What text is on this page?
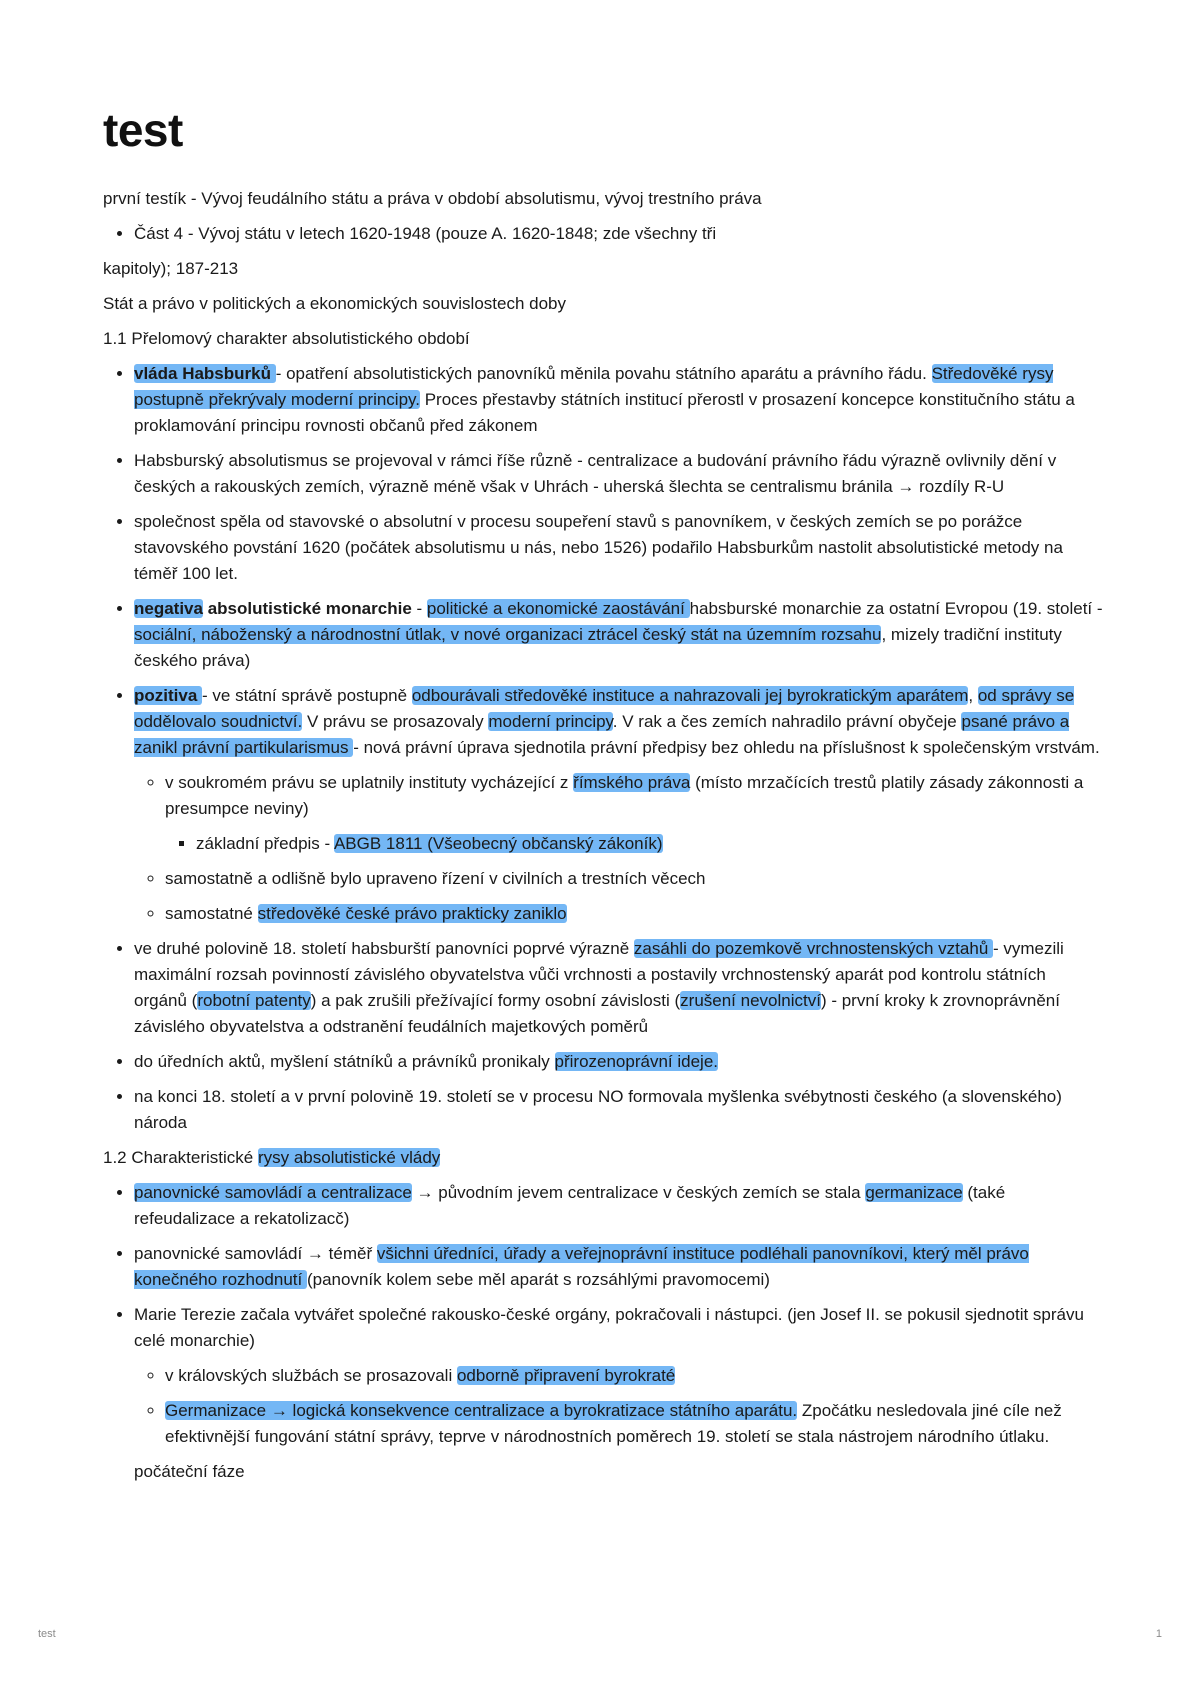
test

první testík - Vývoj feudálního státu a práva v období absolutismu, vývoj trestního práva

• Část 4 - Vývoj státu v letech 1620-1948 (pouze A. 1620-1848; zde všechny tři

kapitoly); 187-213

Stát a právo v politických a ekonomických souvislostech doby

1.1 Přelomový charakter absolutistického období

• vláda Habsburků - opatření absolutistických panovníků měnila povahu státního aparátu a právního řádu. Středověké rysy postupně překrývaly moderní principy. Proces přestavby státních institucí přerostl v prosazení koncepce konstitučního státu a proklamování principu rovnosti občanů před zákonem
• Habsburský absolutismus se projevoval v rámci říše různě - centralizace a budování právního řádu výrazně ovlivnily dění v českých a rakouských zemích, výrazně méně však v Uhrách - uherská šlechta se centralismu bránila → rozdíly R-U
• společnost spěla od stavovské o absolutní v procesu soupeření stavů s panovníkem, v českých zemích se po porážce stavovského povstání 1620 (počátek absolutismu u nás, nebo 1526) podařilo Habsburkům nastolit absolutistické metody na téměř 100 let.
• negativa absolutistické monarchie - politické a ekonomické zaostávání habsburské monarchie za ostatní Evropou (19. století - sociální, náboženský a národnostní útlak, v nové organizaci ztrácel český stát na územním rozsahu, mizely tradiční instituty českého práva)
• pozitiva - ve státní správě postupně odbourávali středověké instituce a nahrazovali jej byrokratickým aparátem, od správy se oddělovalo soudnictví. V právu se prosazovaly moderní principy. V rak a čes zemích nahradilo právní obyčeje psané právo a zanikl právní partikularismus - nová právní úprava sjednotila právní předpisy bez ohledu na příslušnost k společenským vrstvám.
◦ v soukromém právu se uplatnily instituty vycházející z římského práva (místo mrzačících trestů platily zásady zákonnosti a presumpce neviny)
▪ základní předpis - ABGB 1811 (Všeobecný občanský zákoník)
◦ samostatně a odlišně bylo upraveno řízení v civilních a trestních věcech
◦ samostatné středověké české právo prakticky zaniklo
• ve druhé polovině 18. století habsburští panovníci poprvé výrazně zasáhli do pozemkově vrchnostenských vztahů - vymezili maximální rozsah povinností závislého obyvatelstva vůči vrchnosti a postavily vrchnostenský aparát pod kontrolu státních orgánů (robotní patenty) a pak zrušili přežívající formy osobní závislosti (zrušení nevolnictví) - první kroky k zrovnoprávnění závislého obyvatelstva a odstranění feudálních majetkových poměrů
• do úředních aktů, myšlení státníků a právníků pronikaly přirozenoprávní ideje.
• na konci 18. století a v první polovině 19. století se v procesu NO formovala myšlenka svébytnosti českého (a slovenského) národa

1.2 Charakteristické rysy absolutistické vlády

• panovnické samovládí a centralizace → původním jevem centralizace v českých zemích se stala germanizace (také refeudalizace a rekatolizacč)
• panovnické samovládí → téměř všichni úředníci, úřady a veřejnoprávní instituce podléhali panovníkovi, který měl právo konečného rozhodnutí (panovník kolem sebe měl aparát s rozsáhlými pravomocemi)
• Marie Terezie začala vytvářet společné rakousko-české orgány, pokračovali i nástupci. (jen Josef II. se pokusil sjednotit správu celé monarchie)
◦ v královských službách se prosazovali odborně připravení byrokraté
◦ Germanizace → logická konsekvence centralizace a byrokratizace státního aparátu. Zpočátku nesledovala jiné cíle než efektivnější fungování státní správy, teprve v národnostních poměrech 19. století se stala nástrojem národního útlaku.
počáteční fáze
test	1
